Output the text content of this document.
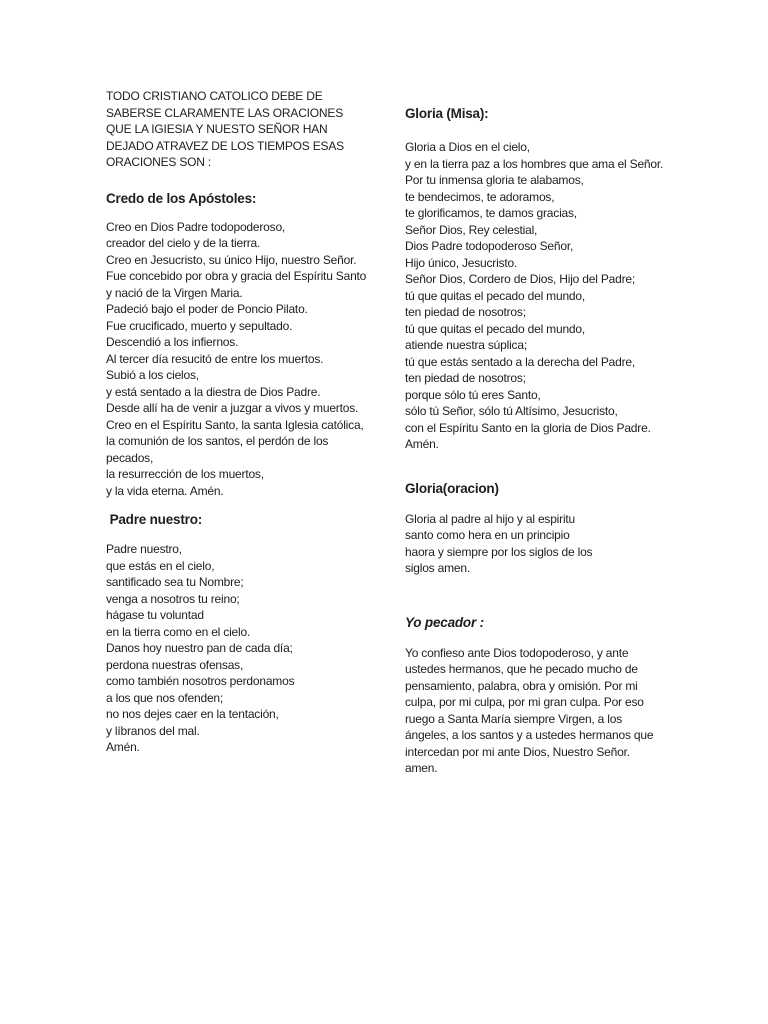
TODO CRISTIANO CATOLICO DEBE DE
SABERSE CLARAMENTE LAS ORACIONES
QUE LA IGIESIA Y NUESTO SEÑOR HAN
DEJADO ATRAVEZ DE LOS TIEMPOS ESAS
ORACIONES SON :
Credo de los Apóstoles:
Creo en Dios Padre todopoderoso,
creador del cielo y de la tierra.
Creo en Jesucristo, su único Hijo, nuestro Señor.
Fue concebido por obra y gracia del Espíritu Santo
y nació de la Virgen Maria.
Padeció bajo el poder de Poncio Pilato.
Fue crucificado, muerto y sepultado.
Descendió a los infiernos.
Al tercer día resucitó de entre los muertos.
Subió a los cielos,
y está sentado a la diestra de Dios Padre.
Desde allí ha de venir a juzgar a vivos y muertos.
Creo en el Espíritu Santo, la santa Iglesia católica,
la comunión de los santos, el perdón de los
pecados,
la resurrección de los muertos,
y la vida eterna. Amén.
Padre nuestro:
Padre nuestro,
que estás en el cielo,
santificado sea tu Nombre;
venga a nosotros tu reino;
hágase tu voluntad
en la tierra como en el cielo.
Danos hoy nuestro pan de cada día;
perdona nuestras ofensas,
como también nosotros perdonamos
a los que nos ofenden;
no nos dejes caer en la tentación,
y líbranos del mal.
Amén.
Gloria (Misa):
Gloria a Dios en el cielo,
y en la tierra paz a los hombres que ama el Señor.
Por tu inmensa gloria te alabamos,
te bendecimos, te adoramos,
te glorificamos, te damos gracias,
Señor Dios, Rey celestial,
Dios Padre todopoderoso Señor,
Hijo único, Jesucristo.
Señor Dios, Cordero de Dios, Hijo del Padre;
tú que quitas el pecado del mundo,
ten piedad de nosotros;
tú que quitas el pecado del mundo,
atiende nuestra súplica;
tú que estás sentado a la derecha del Padre,
ten piedad de nosotros;
porque sólo tú eres Santo,
sólo tú Señor, sólo tú Altísimo, Jesucristo,
con el Espíritu Santo en la gloria de Dios Padre.
Amén.
Gloria(oracion)
Gloria al padre al hijo y al espiritu
santo como hera en un principio
haora y siempre por los siglos de los
siglos amen.
Yo pecador :
Yo confieso ante Dios todopoderoso, y ante
ustedes hermanos, que he pecado mucho de
pensamiento, palabra, obra y omisión. Por mi
culpa, por mi culpa, por mi gran culpa. Por eso
ruego a Santa María siempre Virgen, a los
ángeles, a los santos y a ustedes hermanos que
intercedan por mi ante Dios, Nuestro Señor.
amen.
